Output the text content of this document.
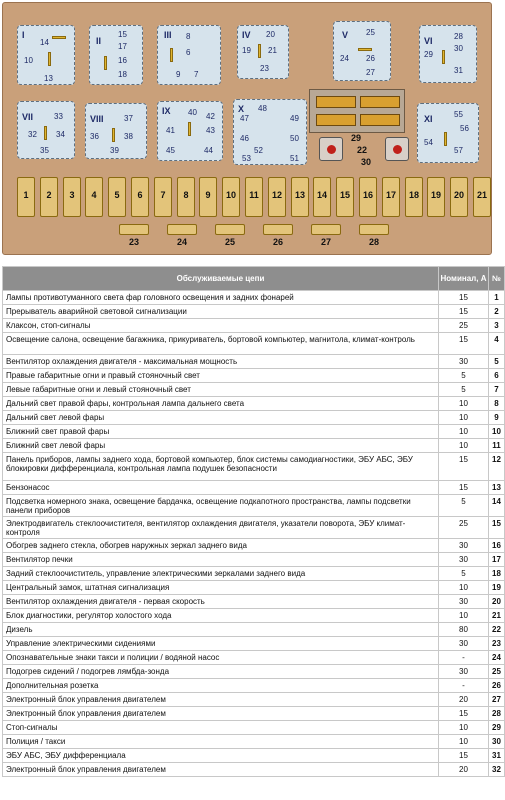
I
14
10
13
II
15
17
16
18
III 8
6
9 7
IV 20
19 21
23
V 25
24 26
27
VI	28
30
29
31
VII	33
32 34
35
VIII	37
36	38
39
IX 40 42
41	43
45	44
X 48
47	49
46	50
52
53	51
XI	55
56
54
57
29
22
30
1	2	3	4	5	6	7	8	9	10	11	12	13	14	15	16	17	18	19	20	21
23	24	25	26	27	28
Обслуживаемые цепи	Номинал, А	№
Лампы противотуманного света фар головного освещения и задних фонарей	15	1
Прерыватель аварийной световой сигнализации	15	2
Клаксон, стоп-сигналы	25	3
Освещение салона, освещение багажника, прикуриватель, бортовой компьютер, магнитола, климат-контроль	15	4
Вентилятор охлаждения двигателя - максимальная мощность	30	5
Правые габаритные огни и правый стояночный свет	5	6
Левые габаритные огни и левый стояночный свет	5	7
Дальний свет правой фары, контрольная лампа дальнего света	10	8
Дальний свет левой фары	10	9
Ближний свет правой фары	10	10
Ближний свет левой фары	10	11
Панель приборов, лампы заднего хода, бортовой компьютер, блок системы самодиагностики, ЭБУ АБС, ЭБУ блокировки дифференциала, контрольная лампа подушек безопасности	15	12
Бензонасос	15	13
Подсветка номерного знака, освещение бардачка, освещение подкапотного пространства, лампы подсветки панели приборов	5	14
Электродвигатель стеклоочистителя, вентилятор охлаждения двигателя, указатели поворота, ЭБУ климат-контроля	25	15
Обогрев заднего стекла, обогрев наружных зеркал заднего вида	30	16
Вентилятор печки	30	17
Задний стеклоочиститель, управление электрическими зеркалами заднего вида	5	18
Центральный замок, штатная сигнализация	10	19
Вентилятор охлаждения двигателя - первая скорость	30	20
Блок диагностики, регулятор холостого хода	10	21
Дизель	80	22
Управление электрическими сидениями	30	23
Опознавательные знаки такси и полиции / водяной насос	-	24
Подогрев сидений / подогрев лямбда-зонда	30	25
Дополнительная розетка	-	26
Электронный блок управления двигателем	20	27
Электронный блок управления двигателем	15	28
Стоп-сигналы	10	29
Полиция / такси	10	30
ЭБУ АБС, ЭБУ дифференциала	15	31
Электронный блок управления двигателем	20	32
